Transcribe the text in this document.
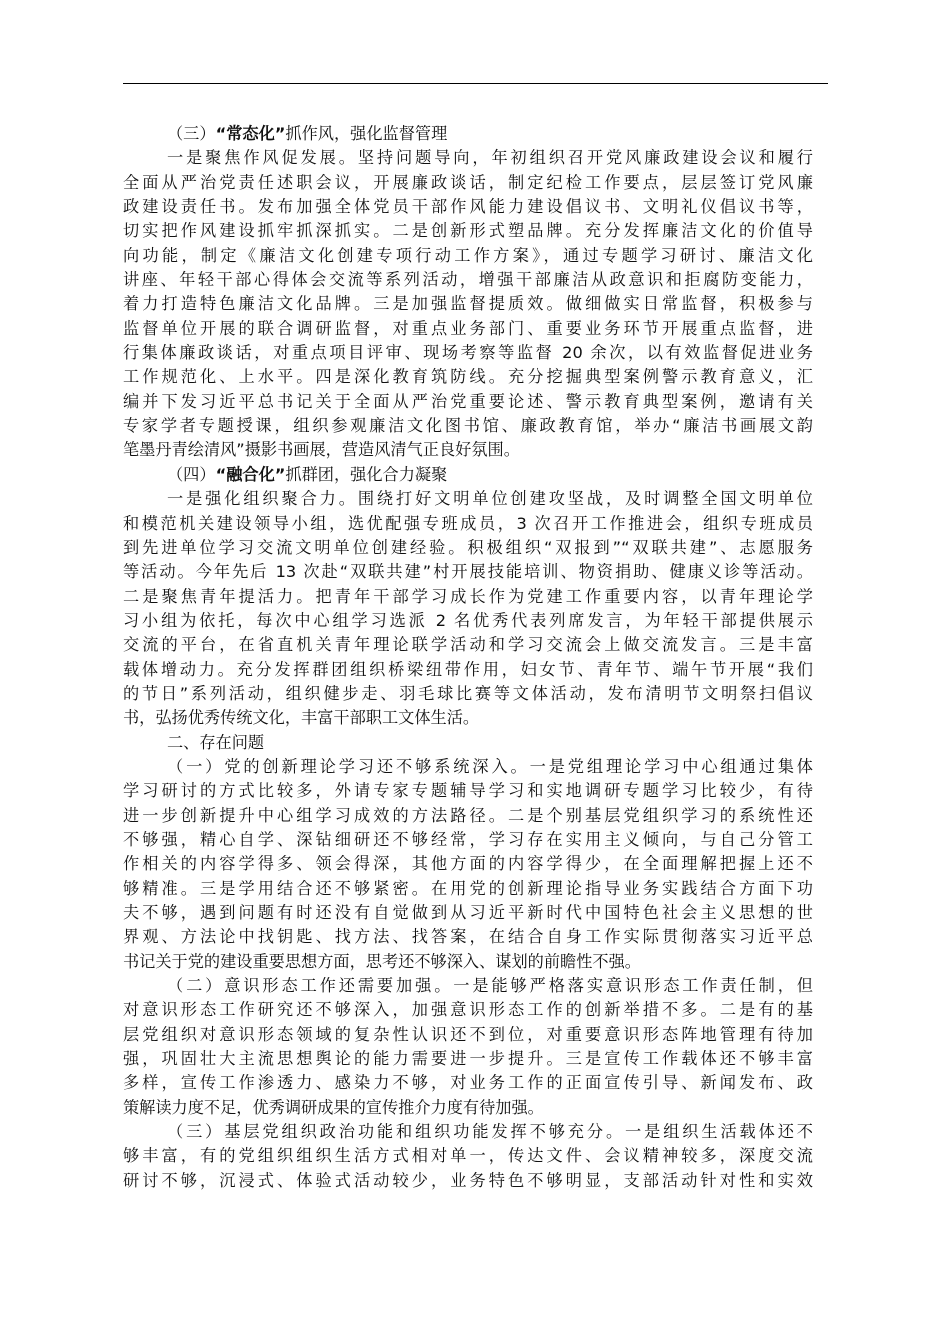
（三）“常态化”抓作风，强化监督管理
一是聚焦作风促发展。坚持问题导向，年初组织召开党风廉政建设会议和履行
全面从严治党责任述职会议，开展廉政谈话，制定纪检工作要点，层层签订党风廉
政建设责任书。发布加强全体党员干部作风能力建设倡议书、文明礼仪倡议书等，
切实把作风建设抓牢抓深抓实。二是创新形式塑品牌。充分发挥廉洁文化的价值导
向功能，制定《廉洁文化创建专项行动工作方案》，通过专题学习研讨、廉洁文化
讲座、年轻干部心得体会交流等系列活动，增强干部廉洁从政意识和拒腐防变能力，
着力打造特色廉洁文化品牌。三是加强监督提质效。做细做实日常监督，积极参与
监督单位开展的联合调研监督，对重点业务部门、重要业务环节开展重点监督，进
行集体廉政谈话，对重点项目评审、现场考察等监督 20 余次，以有效监督促进业务
工作规范化、上水平。四是深化教育筑防线。充分挖掘典型案例警示教育意义，汇
编并下发习近平总书记关于全面从严治党重要论述、警示教育典型案例，邀请有关
专家学者专题授课，组织参观廉洁文化图书馆、廉政教育馆，举办“廉洁书画展文韵
笔墨丹青绘清风”摄影书画展，营造风清气正良好氛围。
（四）“融合化”抓群团，强化合力凝聚
一是强化组织聚合力。围绕打好文明单位创建攻坚战，及时调整全国文明单位
和模范机关建设领导小组，选优配强专班成员，3 次召开工作推进会，组织专班成员
到先进单位学习交流文明单位创建经验。积极组织“双报到”“双联共建”、志愿服务
等活动。今年先后 13 次赴“双联共建”村开展技能培训、物资捐助、健康义诊等活动。
二是聚焦青年提活力。把青年干部学习成长作为党建工作重要内容，以青年理论学
习小组为依托，每次中心组学习选派 2 名优秀代表列席发言，为年轻干部提供展示
交流的平台，在省直机关青年理论联学活动和学习交流会上做交流发言。三是丰富
载体增动力。充分发挥群团组织桥梁纽带作用，妇女节、青年节、端午节开展“我们
的节日”系列活动，组织健步走、羽毛球比赛等文体活动，发布清明节文明祭扫倡议
书，弘扬优秀传统文化，丰富干部职工文体生活。
二、存在问题
（一）党的创新理论学习还不够系统深入。一是党组理论学习中心组通过集体
学习研讨的方式比较多，外请专家专题辅导学习和实地调研专题学习比较少，有待
进一步创新提升中心组学习成效的方法路径。二是个别基层党组织学习的系统性还
不够强，精心自学、深钻细研还不够经常，学习存在实用主义倾向，与自己分管工
作相关的内容学得多、领会得深，其他方面的内容学得少，在全面理解把握上还不
够精准。三是学用结合还不够紧密。在用党的创新理论指导业务实践结合方面下功
夫不够，遇到问题有时还没有自觉做到从习近平新时代中国特色社会主义思想的世
界观、方法论中找钥匙、找方法、找答案，在结合自身工作实际贯彻落实习近平总
书记关于党的建设重要思想方面，思考还不够深入、谋划的前瞻性不强。
（二）意识形态工作还需要加强。一是能够严格落实意识形态工作责任制，但
对意识形态工作研究还不够深入，加强意识形态工作的创新举措不多。二是有的基
层党组织对意识形态领域的复杂性认识还不到位，对重要意识形态阵地管理有待加
强，巩固壮大主流思想舆论的能力需要进一步提升。三是宣传工作载体还不够丰富
多样，宣传工作渗透力、感染力不够，对业务工作的正面宣传引导、新闻发布、政
策解读力度不足，优秀调研成果的宣传推介力度有待加强。
（三）基层党组织政治功能和组织功能发挥不够充分。一是组织生活载体还不
够丰富，有的党组织组织生活方式相对单一，传达文件、会议精神较多，深度交流
研讨不够，沉浸式、体验式活动较少，业务特色不够明显，支部活动针对性和实效
